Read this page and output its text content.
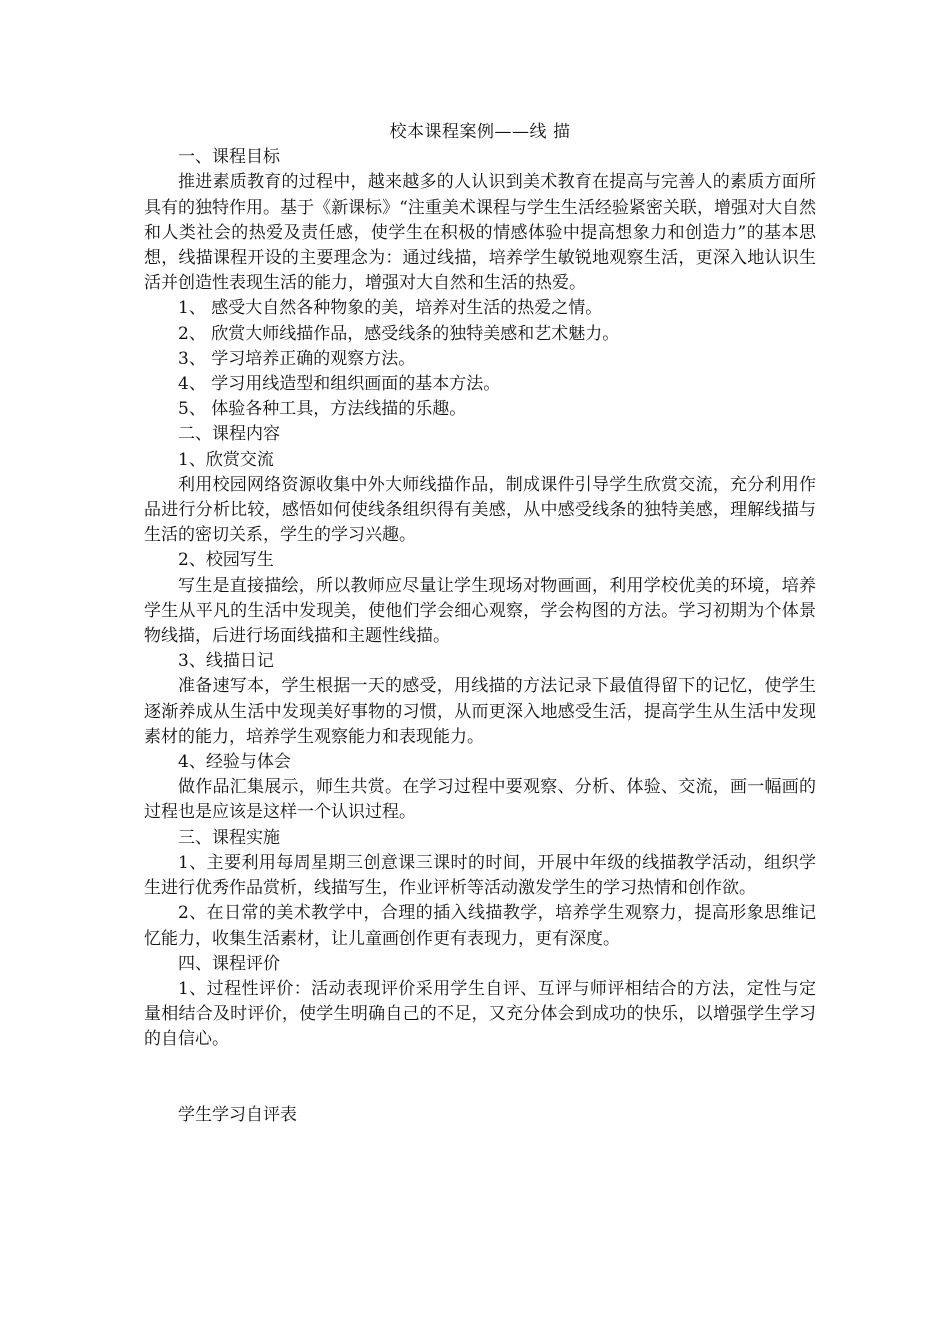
校本课程案例——线 描

一、课程目标

推进素质教育的过程中，越来越多的人认识到美术教育在提高与完善人的素质方面所具有的独特作用。基于《新课标》“注重美术课程与学生生活经验紧密关联，增强对大自然和人类社会的热爱及责任感，使学生在积极的情感体验中提高想象力和创造力”的基本思想，线描课程开设的主要理念为：通过线描，培养学生敏锐地观察生活，更深入地认识生活并创造性表现生活的能力，增强对大自然和生活的热爱。

1、 感受大自然各种物象的美，培养对生活的热爱之情。

2、 欣赏大师线描作品，感受线条的独特美感和艺术魅力。

3、 学习培养正确的观察方法。

4、 学习用线造型和组织画面的基本方法。

5、 体验各种工具，方法线描的乐趣。

二、课程内容

1、欣赏交流

利用校园网络资源收集中外大师线描作品，制成课件引导学生欣赏交流，充分利用作品进行分析比较，感悟如何使线条组织得有美感，从中感受线条的独特美感，理解线描与生活的密切关系，学生的学习兴趣。

2、校园写生

写生是直接描绘，所以教师应尽量让学生现场对物画画，利用学校优美的环境，培养学生从平凡的生活中发现美，使他们学会细心观察，学会构图的方法。学习初期为个体景物线描，后进行场面线描和主题性线描。

3、线描日记

准备速写本，学生根据一天的感受，用线描的方法记录下最值得留下的记忆，使学生逐渐养成从生活中发现美好事物的习惯，从而更深入地感受生活，提高学生从生活中发现素材的能力，培养学生观察能力和表现能力。

4、经验与体会

做作品汇集展示，师生共赏。在学习过程中要观察、分析、体验、交流，画一幅画的过程也是应该是这样一个认识过程。

三、课程实施

1、主要利用每周星期三创意课三课时的时间，开展中年级的线描教学活动，组织学生进行优秀作品赏析，线描写生，作业评析等活动激发学生的学习热情和创作欲。

2、在日常的美术教学中，合理的插入线描教学，培养学生观察力，提高形象思维记忆能力，收集生活素材，让儿童画创作更有表现力，更有深度。

四、课程评价

1、过程性评价：活动表现评价采用学生自评、互评与师评相结合的方法，定性与定量相结合及时评价，使学生明确自己的不足，又充分体会到成功的快乐，以增强学生学习的自信心。

学生学习自评表
